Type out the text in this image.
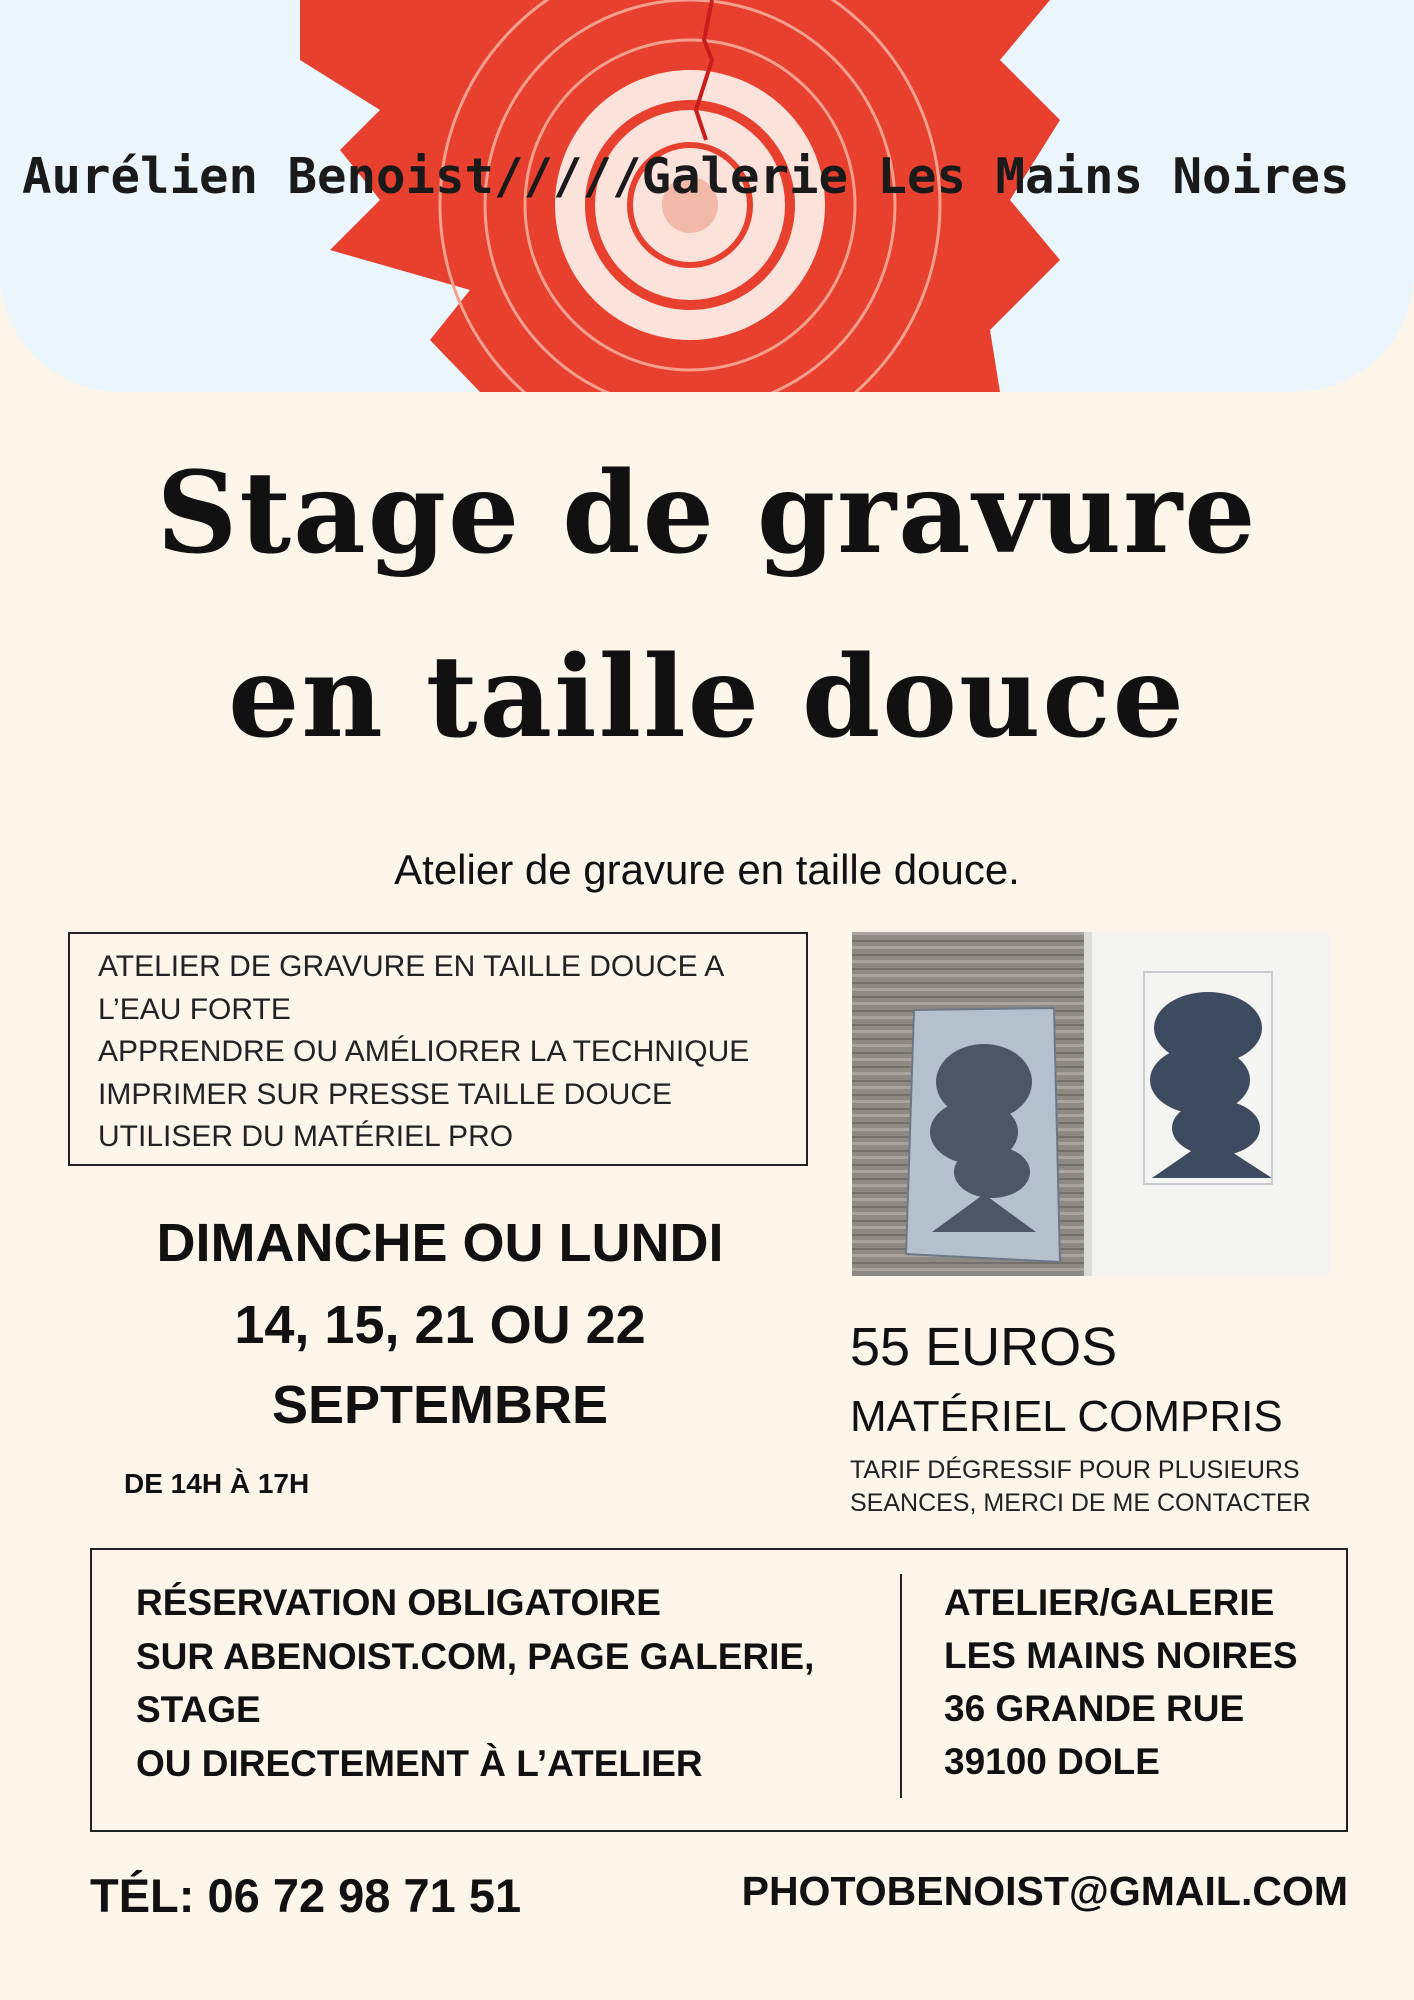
Aurélien Benoist/////Galerie Les Mains Noires
Stage de gravure
en taille douce
Atelier de gravure en taille douce.
ATELIER DE GRAVURE EN TAILLE DOUCE A
L’EAU FORTE
APPRENDRE OU AMÉLIORER LA TECHNIQUE
IMPRIMER SUR PRESSE TAILLE DOUCE
UTILISER DU MATÉRIEL PRO
DIMANCHE OU LUNDI
14, 15, 21 OU 22
SEPTEMBRE
DE 14H À 17H
55 EUROS
MATÉRIEL COMPRIS
TARIF DÉGRESSIF POUR PLUSIEURS
SEANCES, MERCI DE ME CONTACTER
RÉSERVATION OBLIGATOIRE
SUR ABENOIST.COM, PAGE GALERIE,
STAGE
OU DIRECTEMENT À L’ATELIER
ATELIER/GALERIE
LES MAINS NOIRES
36 GRANDE RUE
39100 DOLE
TÉL: 06 72 98 71 51	PHOTOBENOIST@GMAIL.COM
